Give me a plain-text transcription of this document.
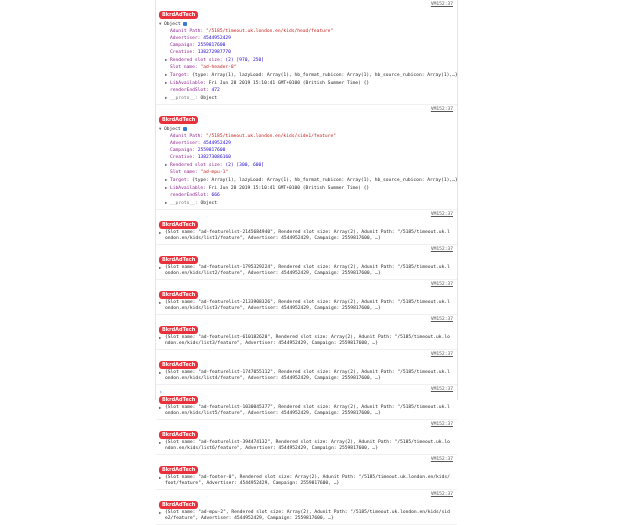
BkrdAdTech
VM152:37
▼ Object
Adunit Path: "/5185/timeout.uk.london.en/kids/head/feature"
Advertiser: 4544952429
Campaign: 2559817600
Creative: 138272987770
▶ Rendered slot size: (2) [970, 250]
Slot name: "ad-header-0"
▶ Target: {type: Array(1), lazyLoad: Array(1), hb_format_rubicon: Array(1), hb_source_rubicon: Array(1),…}
▶ LibAvailable: Fri Jun 28 2019 15:10:41 GMT+0100 (British Summer Time) {}
renderEndSlot: 472
▶ __proto__: Object
BkrdAdTech
VM152:37
▼ Object
Adunit Path: "/5185/timeout.uk.london.en/kids/side1/feature"
Advertiser: 4544952429
Campaign: 2559817600
Creative: 138273086160
▶ Rendered slot size: (2) [300, 600]
Slot name: "ad-mpu-1"
▶ Target: {type: Array(1), lazyLoad: Array(1), hb_format_rubicon: Array(1), hb_source_rubicon: Array(1),…}
▶ LibAvailable: Fri Jun 28 2019 15:10:41 GMT+0100 (British Summer Time) {}
renderEndSlot: 666
▶ __proto__: Object
BkrdAdTech
VM152:37
▶ {Slot name: "ad-featurelist-2145684940", Rendered slot size: Array(2), Adunit Path: "/5185/timeout.uk.l
ondon.en/kids/list1/feature", Advertiser: 4544952429, Campaign: 2559817600, …}
BkrdAdTech
VM152:37
▶ {Slot name: "ad-featurelist-1795329224", Rendered slot size: Array(2), Adunit Path: "/5185/timeout.uk.l
ondon.en/kids/list2/feature", Advertiser: 4544952429, Campaign: 2559817600, …}
BkrdAdTech
VM152:37
▶ {Slot name: "ad-featurelist-2133908326", Rendered slot size: Array(2), Adunit Path: "/5185/timeout.uk.l
ondon.en/kids/list3/feature", Advertiser: 4544952429, Campaign: 2559817600, …}
BkrdAdTech
VM152:37
▶ {Slot name: "ad-featurelist-610182620", Rendered slot size: Array(2), Adunit Path: "/5185/timeout.uk.lo
ndon.en/kids/list3/feature", Advertiser: 4544952429, Campaign: 2559817600, …}
BkrdAdTech
VM152:37
▶ {Slot name: "ad-featurelist-1747055112", Rendered slot size: Array(2), Adunit Path: "/5185/timeout.uk.l
ondon.en/kids/list4/feature", Advertiser: 4544952429, Campaign: 2559817600, …}
BkrdAdTech
VM152:37
▶ {Slot name: "ad-featurelist-1030045377", Rendered slot size: Array(2), Adunit Path: "/5185/timeout.uk.l
ondon.en/kids/list5/feature", Advertiser: 4544952429, Campaign: 2559817600, …}
BkrdAdTech
VM152:37
▶ {Slot name: "ad-featurelist-394474132", Rendered slot size: Array(2), Adunit Path: "/5185/timeout.uk.lo
ndon.en/kids/list6/feature", Advertiser: 4544952429, Campaign: 2559817600, …}
BkrdAdTech
VM152:37
▶ {Slot name: "ad-footer-0", Rendered slot size: Array(2), Adunit Path: "/5185/timeout.uk.london.en/kids/
foot/feature", Advertiser: 4544952429, Campaign: 2559817600, …}
BkrdAdTech
VM152:37
▶ {Slot name: "ad-mpu-2", Rendered slot size: Array(2), Adunit Path: "/5185/timeout.uk.london.en/kids/sid
e2/feature", Advertiser: 4544952429, Campaign: 2559817600, …}
›
